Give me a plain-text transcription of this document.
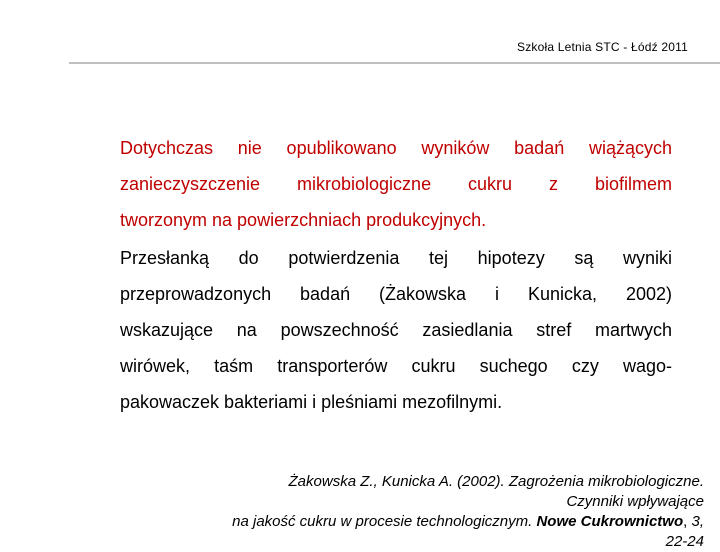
Szkoła Letnia STC - Łódź 2011
Dotychczas nie opublikowano wyników badań wiążących
zanieczyszczenie mikrobiologiczne cukru z biofilmem
tworzonym na powierzchniach produkcyjnych.
Przesłanką do potwierdzenia tej hipotezy są wyniki
przeprowadzonych badań (Żakowska i Kunicka, 2002)
wskazujące na powszechność zasiedlania stref martwych
wirówek, taśm transporterów cukru suchego czy wago-
pakowaczek bakteriami i pleśniami mezofilnymi.
Żakowska Z., Kunicka A. (2002). Zagrożenia mikrobiologiczne.
Czynniki wpływające
na jakość cukru w procesie technologicznym. Nowe Cukrownictwo, 3,
22-24
